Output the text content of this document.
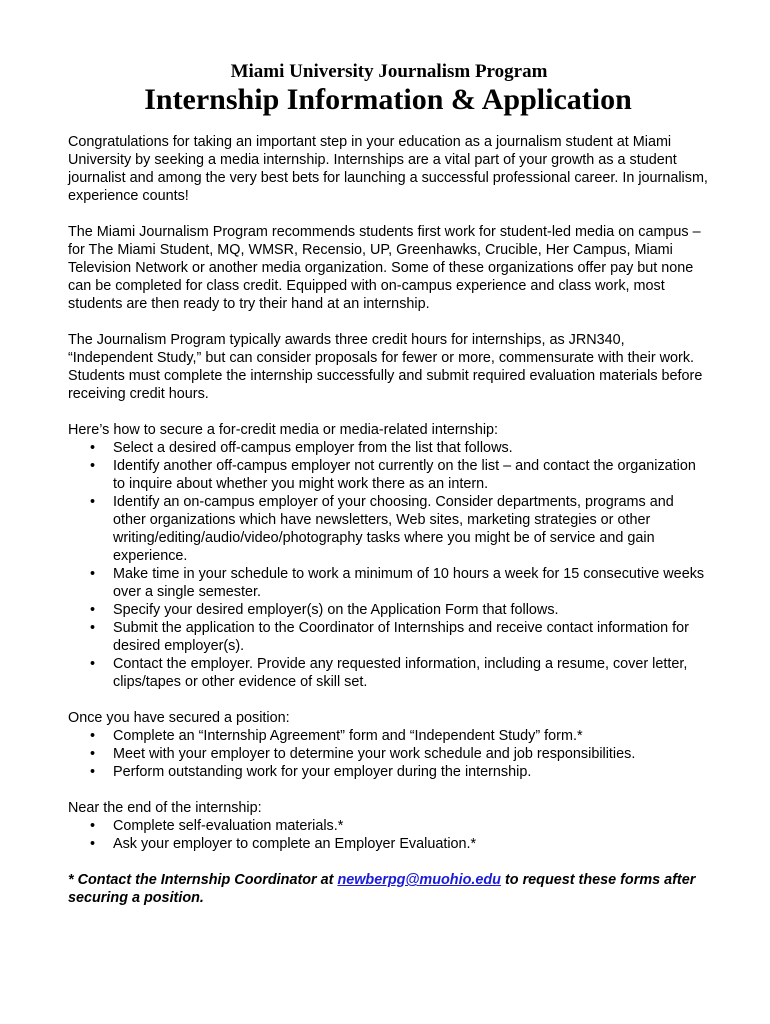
Miami University Journalism Program
Internship Information & Application

Congratulations for taking an important step in your education as a journalism student at Miami University by seeking a media internship. Internships are a vital part of your growth as a student journalist and among the very best bets for launching a successful professional career. In journalism, experience counts!

The Miami Journalism Program recommends students first work for student-led media on campus – for The Miami Student, MQ, WMSR, Recensio, UP, Greenhawks, Crucible, Her Campus, Miami Television Network or another media organization. Some of these organizations offer pay but none can be completed for class credit. Equipped with on-campus experience and class work, most students are then ready to try their hand at an internship.

The Journalism Program typically awards three credit hours for internships, as JRN340, “Independent Study,” but can consider proposals for fewer or more, commensurate with their work. Students must complete the internship successfully and submit required evaluation materials before receiving credit hours.

Here’s how to secure a for-credit media or media-related internship:

• Select a desired off-campus employer from the list that follows.
• Identify another off-campus employer not currently on the list – and contact the organization to inquire about whether you might work there as an intern.
• Identify an on-campus employer of your choosing. Consider departments, programs and other organizations which have newsletters, Web sites, marketing strategies or other writing/editing/audio/video/photography tasks where you might be of service and gain experience.
• Make time in your schedule to work a minimum of 10 hours a week for 15 consecutive weeks over a single semester.
• Specify your desired employer(s) on the Application Form that follows.
• Submit the application to the Coordinator of Internships and receive contact information for desired employer(s).
• Contact the employer. Provide any requested information, including a resume, cover letter, clips/tapes or other evidence of skill set.

Once you have secured a position:

• Complete an “Internship Agreement” form and “Independent Study” form.*
• Meet with your employer to determine your work schedule and job responsibilities.
• Perform outstanding work for your employer during the internship.

Near the end of the internship:

• Complete self-evaluation materials.*
• Ask your employer to complete an Employer Evaluation.*

* Contact the Internship Coordinator at newberpg@muohio.edu to request these forms after securing a position.
